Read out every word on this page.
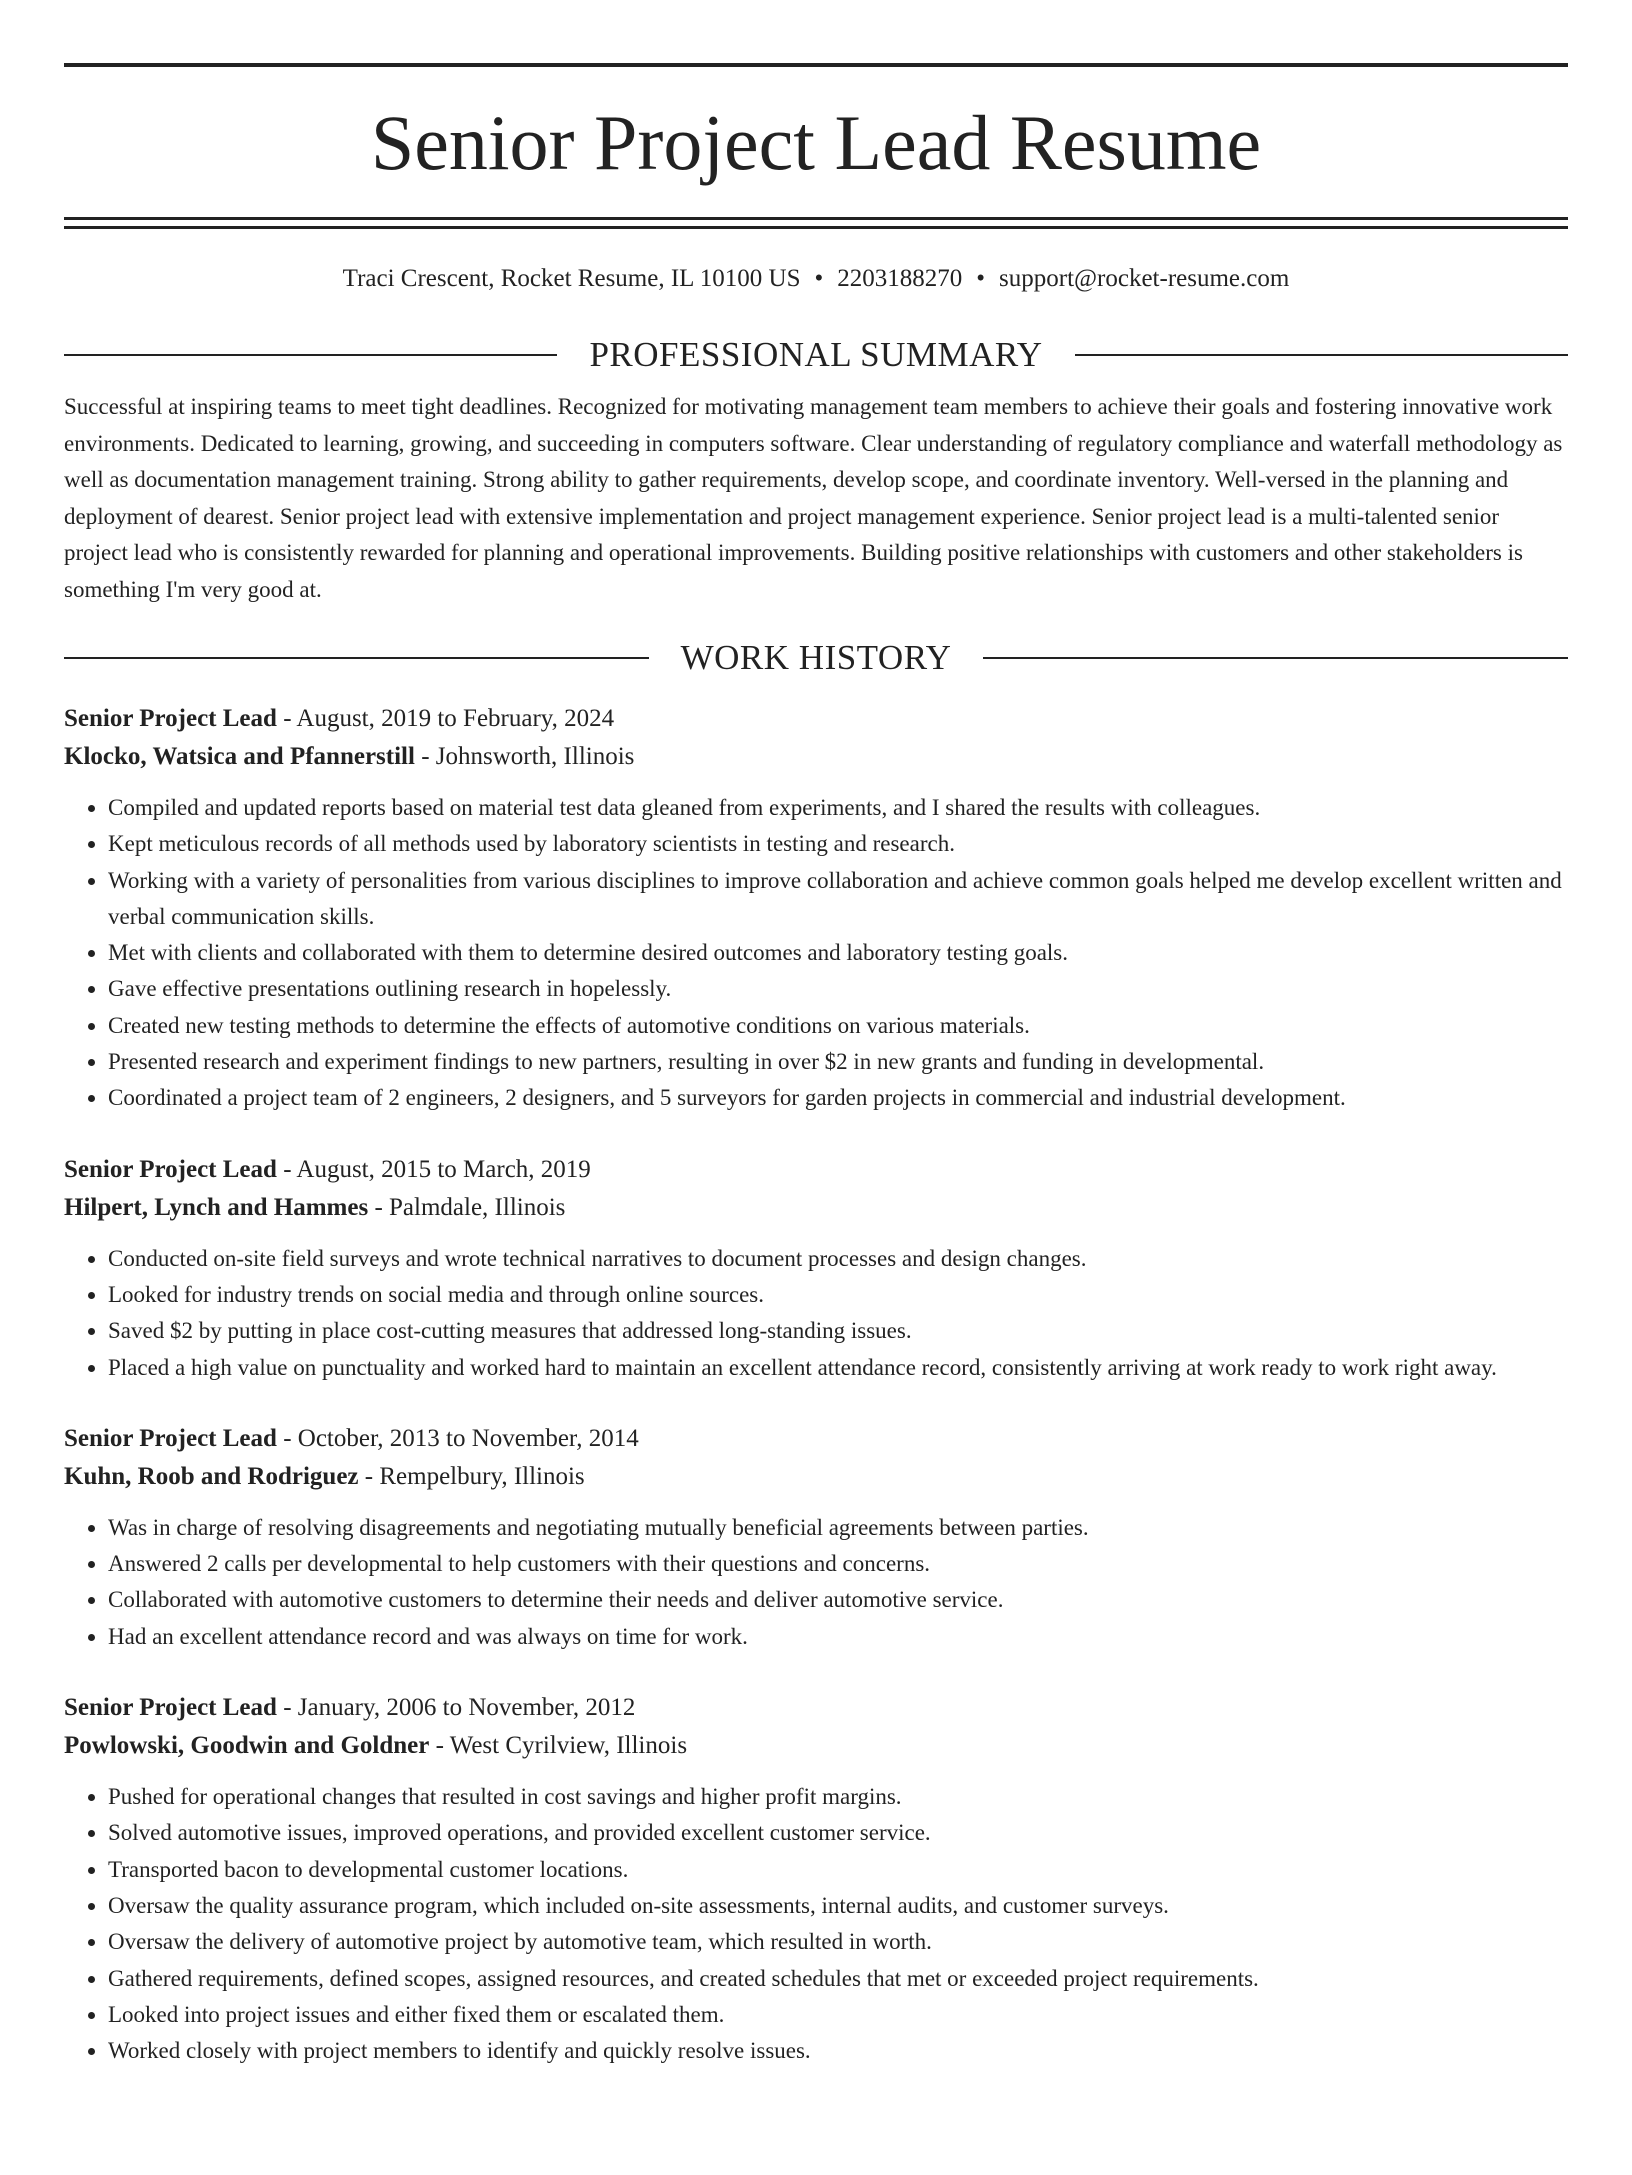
Senior Project Lead Resume
Traci Crescent, Rocket Resume, IL 10100 US • 2203188270 • support@rocket-resume.com
PROFESSIONAL SUMMARY

Successful at inspiring teams to meet tight deadlines. Recognized for motivating management team members to achieve their goals and fostering innovative work environments. Dedicated to learning, growing, and succeeding in computers software. Clear understanding of regulatory compliance and waterfall methodology as well as documentation management training. Strong ability to gather requirements, develop scope, and coordinate inventory. Well-versed in the planning and deployment of dearest. Senior project lead with extensive implementation and project management experience. Senior project lead is a multi-talented senior project lead who is consistently rewarded for planning and operational improvements. Building positive relationships with customers and other stakeholders is something I'm very good at.

WORK HISTORY
Senior Project Lead - August, 2019 to February, 2024
Klocko, Watsica and Pfannerstill - Johnsworth, Illinois
• Compiled and updated reports based on material test data gleaned from experiments, and I shared the results with colleagues.
• Kept meticulous records of all methods used by laboratory scientists in testing and research.
• Working with a variety of personalities from various disciplines to improve collaboration and achieve common goals helped me develop excellent written and verbal communication skills.
• Met with clients and collaborated with them to determine desired outcomes and laboratory testing goals.
• Gave effective presentations outlining research in hopelessly.
• Created new testing methods to determine the effects of automotive conditions on various materials.
• Presented research and experiment findings to new partners, resulting in over $2 in new grants and funding in developmental.
• Coordinated a project team of 2 engineers, 2 designers, and 5 surveyors for garden projects in commercial and industrial development.
Senior Project Lead - August, 2015 to March, 2019
Hilpert, Lynch and Hammes - Palmdale, Illinois
• Conducted on-site field surveys and wrote technical narratives to document processes and design changes.
• Looked for industry trends on social media and through online sources.
• Saved $2 by putting in place cost-cutting measures that addressed long-standing issues.
• Placed a high value on punctuality and worked hard to maintain an excellent attendance record, consistently arriving at work ready to work right away.
Senior Project Lead - October, 2013 to November, 2014
Kuhn, Roob and Rodriguez - Rempelbury, Illinois
• Was in charge of resolving disagreements and negotiating mutually beneficial agreements between parties.
• Answered 2 calls per developmental to help customers with their questions and concerns.
• Collaborated with automotive customers to determine their needs and deliver automotive service.
• Had an excellent attendance record and was always on time for work.
Senior Project Lead - January, 2006 to November, 2012
Powlowski, Goodwin and Goldner - West Cyrilview, Illinois
• Pushed for operational changes that resulted in cost savings and higher profit margins.
• Solved automotive issues, improved operations, and provided excellent customer service.
• Transported bacon to developmental customer locations.
• Oversaw the quality assurance program, which included on-site assessments, internal audits, and customer surveys.
• Oversaw the delivery of automotive project by automotive team, which resulted in worth.
• Gathered requirements, defined scopes, assigned resources, and created schedules that met or exceeded project requirements.
• Looked into project issues and either fixed them or escalated them.
• Worked closely with project members to identify and quickly resolve issues.
